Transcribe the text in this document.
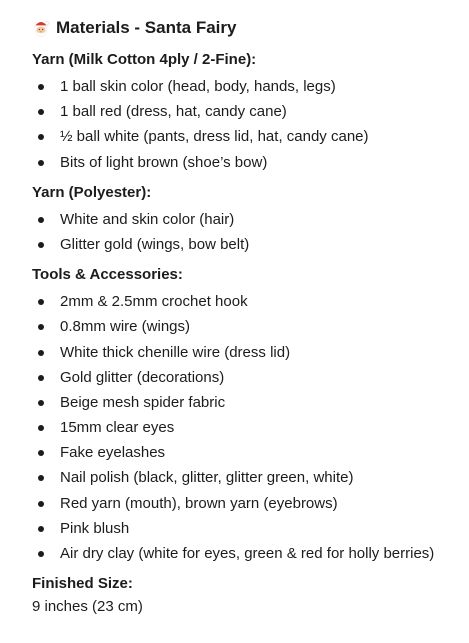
Materials - Santa Fairy
Yarn (Milk Cotton 4ply / 2-Fine):
1 ball skin color (head, body, hands, legs)
1 ball red (dress, hat, candy cane)
½ ball white (pants, dress lid, hat, candy cane)
Bits of light brown (shoe’s bow)
Yarn (Polyester):
White and skin color (hair)
Glitter gold (wings, bow belt)
Tools & Accessories:
2mm & 2.5mm crochet hook
0.8mm wire (wings)
White thick chenille wire (dress lid)
Gold glitter (decorations)
Beige mesh spider fabric
15mm clear eyes
Fake eyelashes
Nail polish (black, glitter, glitter green, white)
Red yarn (mouth), brown yarn (eyebrows)
Pink blush
Air dry clay (white for eyes, green & red for holly berries)
Finished Size:
9 inches (23 cm)
